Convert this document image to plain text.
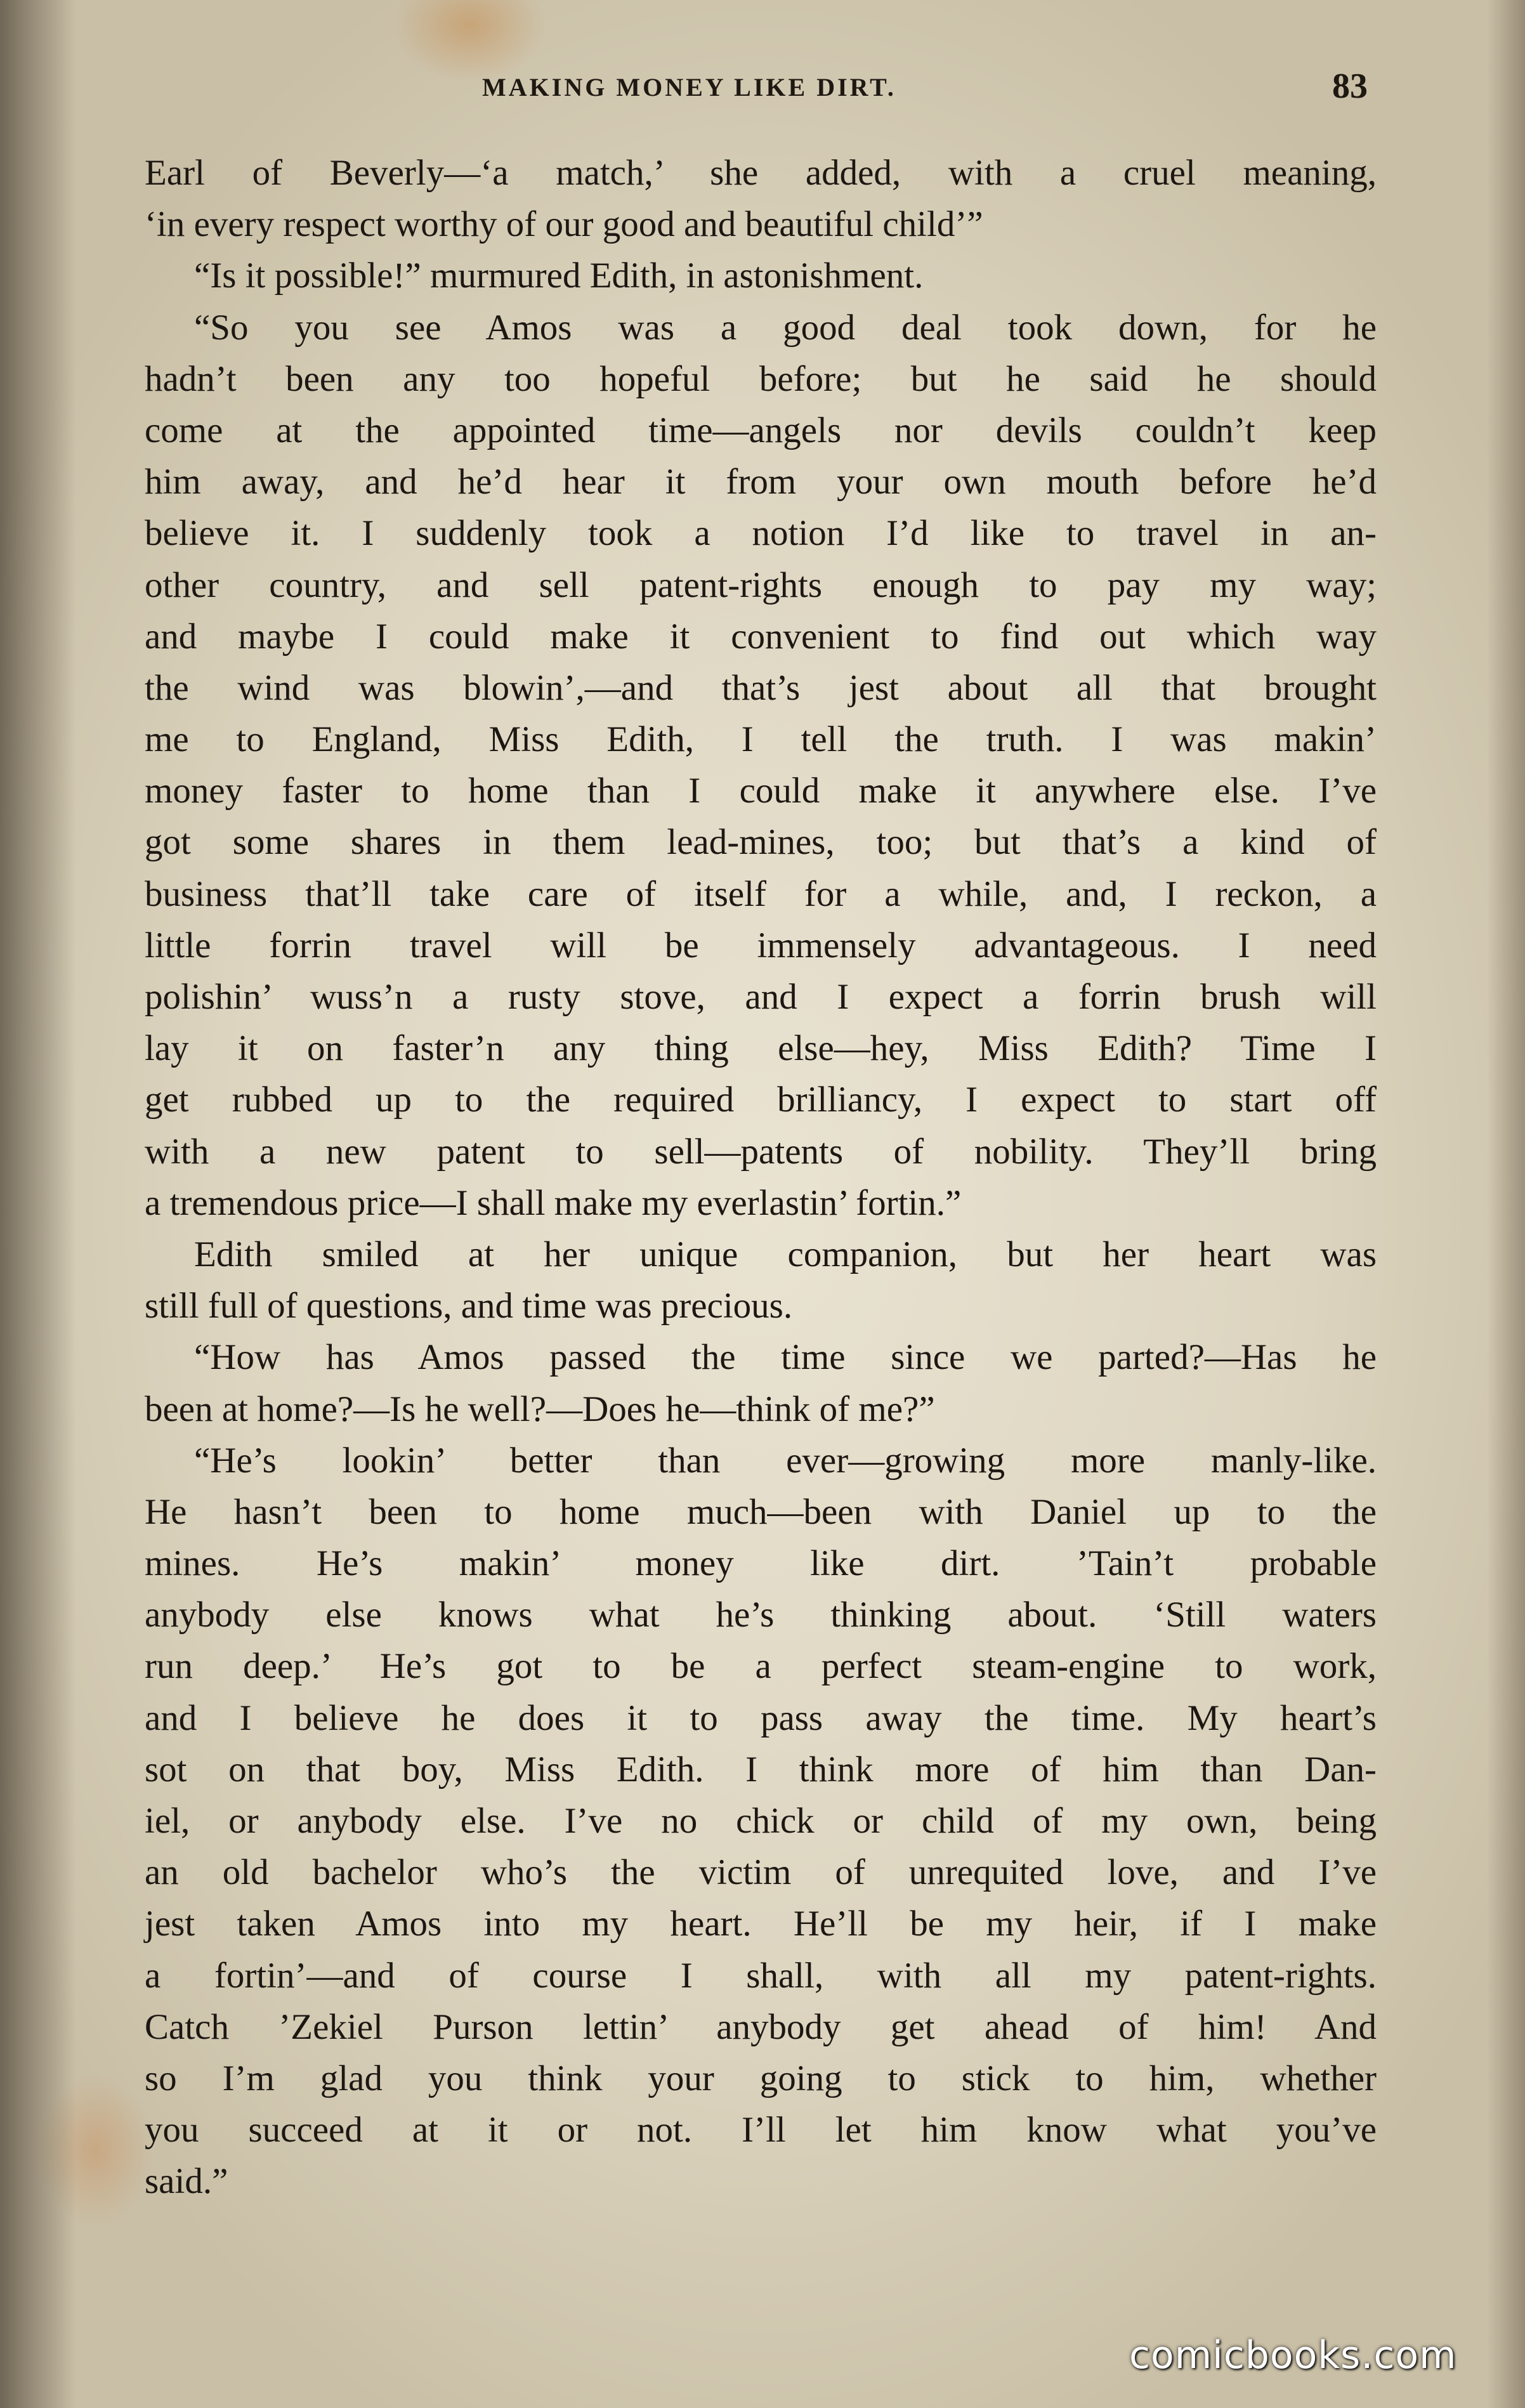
MAKING MONEY LIKE DIRT.	83
Earl of Beverly—‘a match,’ she added, with a cruel meaning,
‘in every respect worthy of our good and beautiful child’”
“Is it possible!” murmured Edith, in astonishment.
“So you see Amos was a good deal took down, for he
hadn’t been any too hopeful before; but he said he should
come at the appointed time—angels nor devils couldn’t keep
him away, and he’d hear it from your own mouth before he’d
believe it. I suddenly took a notion I’d like to travel in an-
other country, and sell patent-rights enough to pay my way;
and maybe I could make it convenient to find out which way
the wind was blowin’,—and that’s jest about all that brought
me to England, Miss Edith, I tell the truth. I was makin’
money faster to home than I could make it anywhere else. I’ve
got some shares in them lead-mines, too; but that’s a kind of
business that’ll take care of itself for a while, and, I reckon, a
little forrin travel will be immensely advantageous. I need
polishin’ wuss’n a rusty stove, and I expect a forrin brush will
lay it on faster’n any thing else—hey, Miss Edith? Time I
get rubbed up to the required brilliancy, I expect to start off
with a new patent to sell—patents of nobility. They’ll bring
a tremendous price—I shall make my everlastin’ fortin.”
Edith smiled at her unique companion, but her heart was
still full of questions, and time was precious.
“How has Amos passed the time since we parted?—Has he
been at home?—Is he well?—Does he—think of me?”
“He’s lookin’ better than ever—growing more manly-like.
He hasn’t been to home much—been with Daniel up to the
mines. He’s makin’ money like dirt. ’Tain’t probable
anybody else knows what he’s thinking about. ‘Still waters
run deep.’ He’s got to be a perfect steam-engine to work,
and I believe he does it to pass away the time. My heart’s
sot on that boy, Miss Edith. I think more of him than Dan-
iel, or anybody else. I’ve no chick or child of my own, being
an old bachelor who’s the victim of unrequited love, and I’ve
jest taken Amos into my heart. He’ll be my heir, if I make
a fortin’—and of course I shall, with all my patent-rights.
Catch ’Zekiel Purson lettin’ anybody get ahead of him! And
so I’m glad you think your going to stick to him, whether
you succeed at it or not. I’ll let him know what you’ve
said.”
comicbooks.com
